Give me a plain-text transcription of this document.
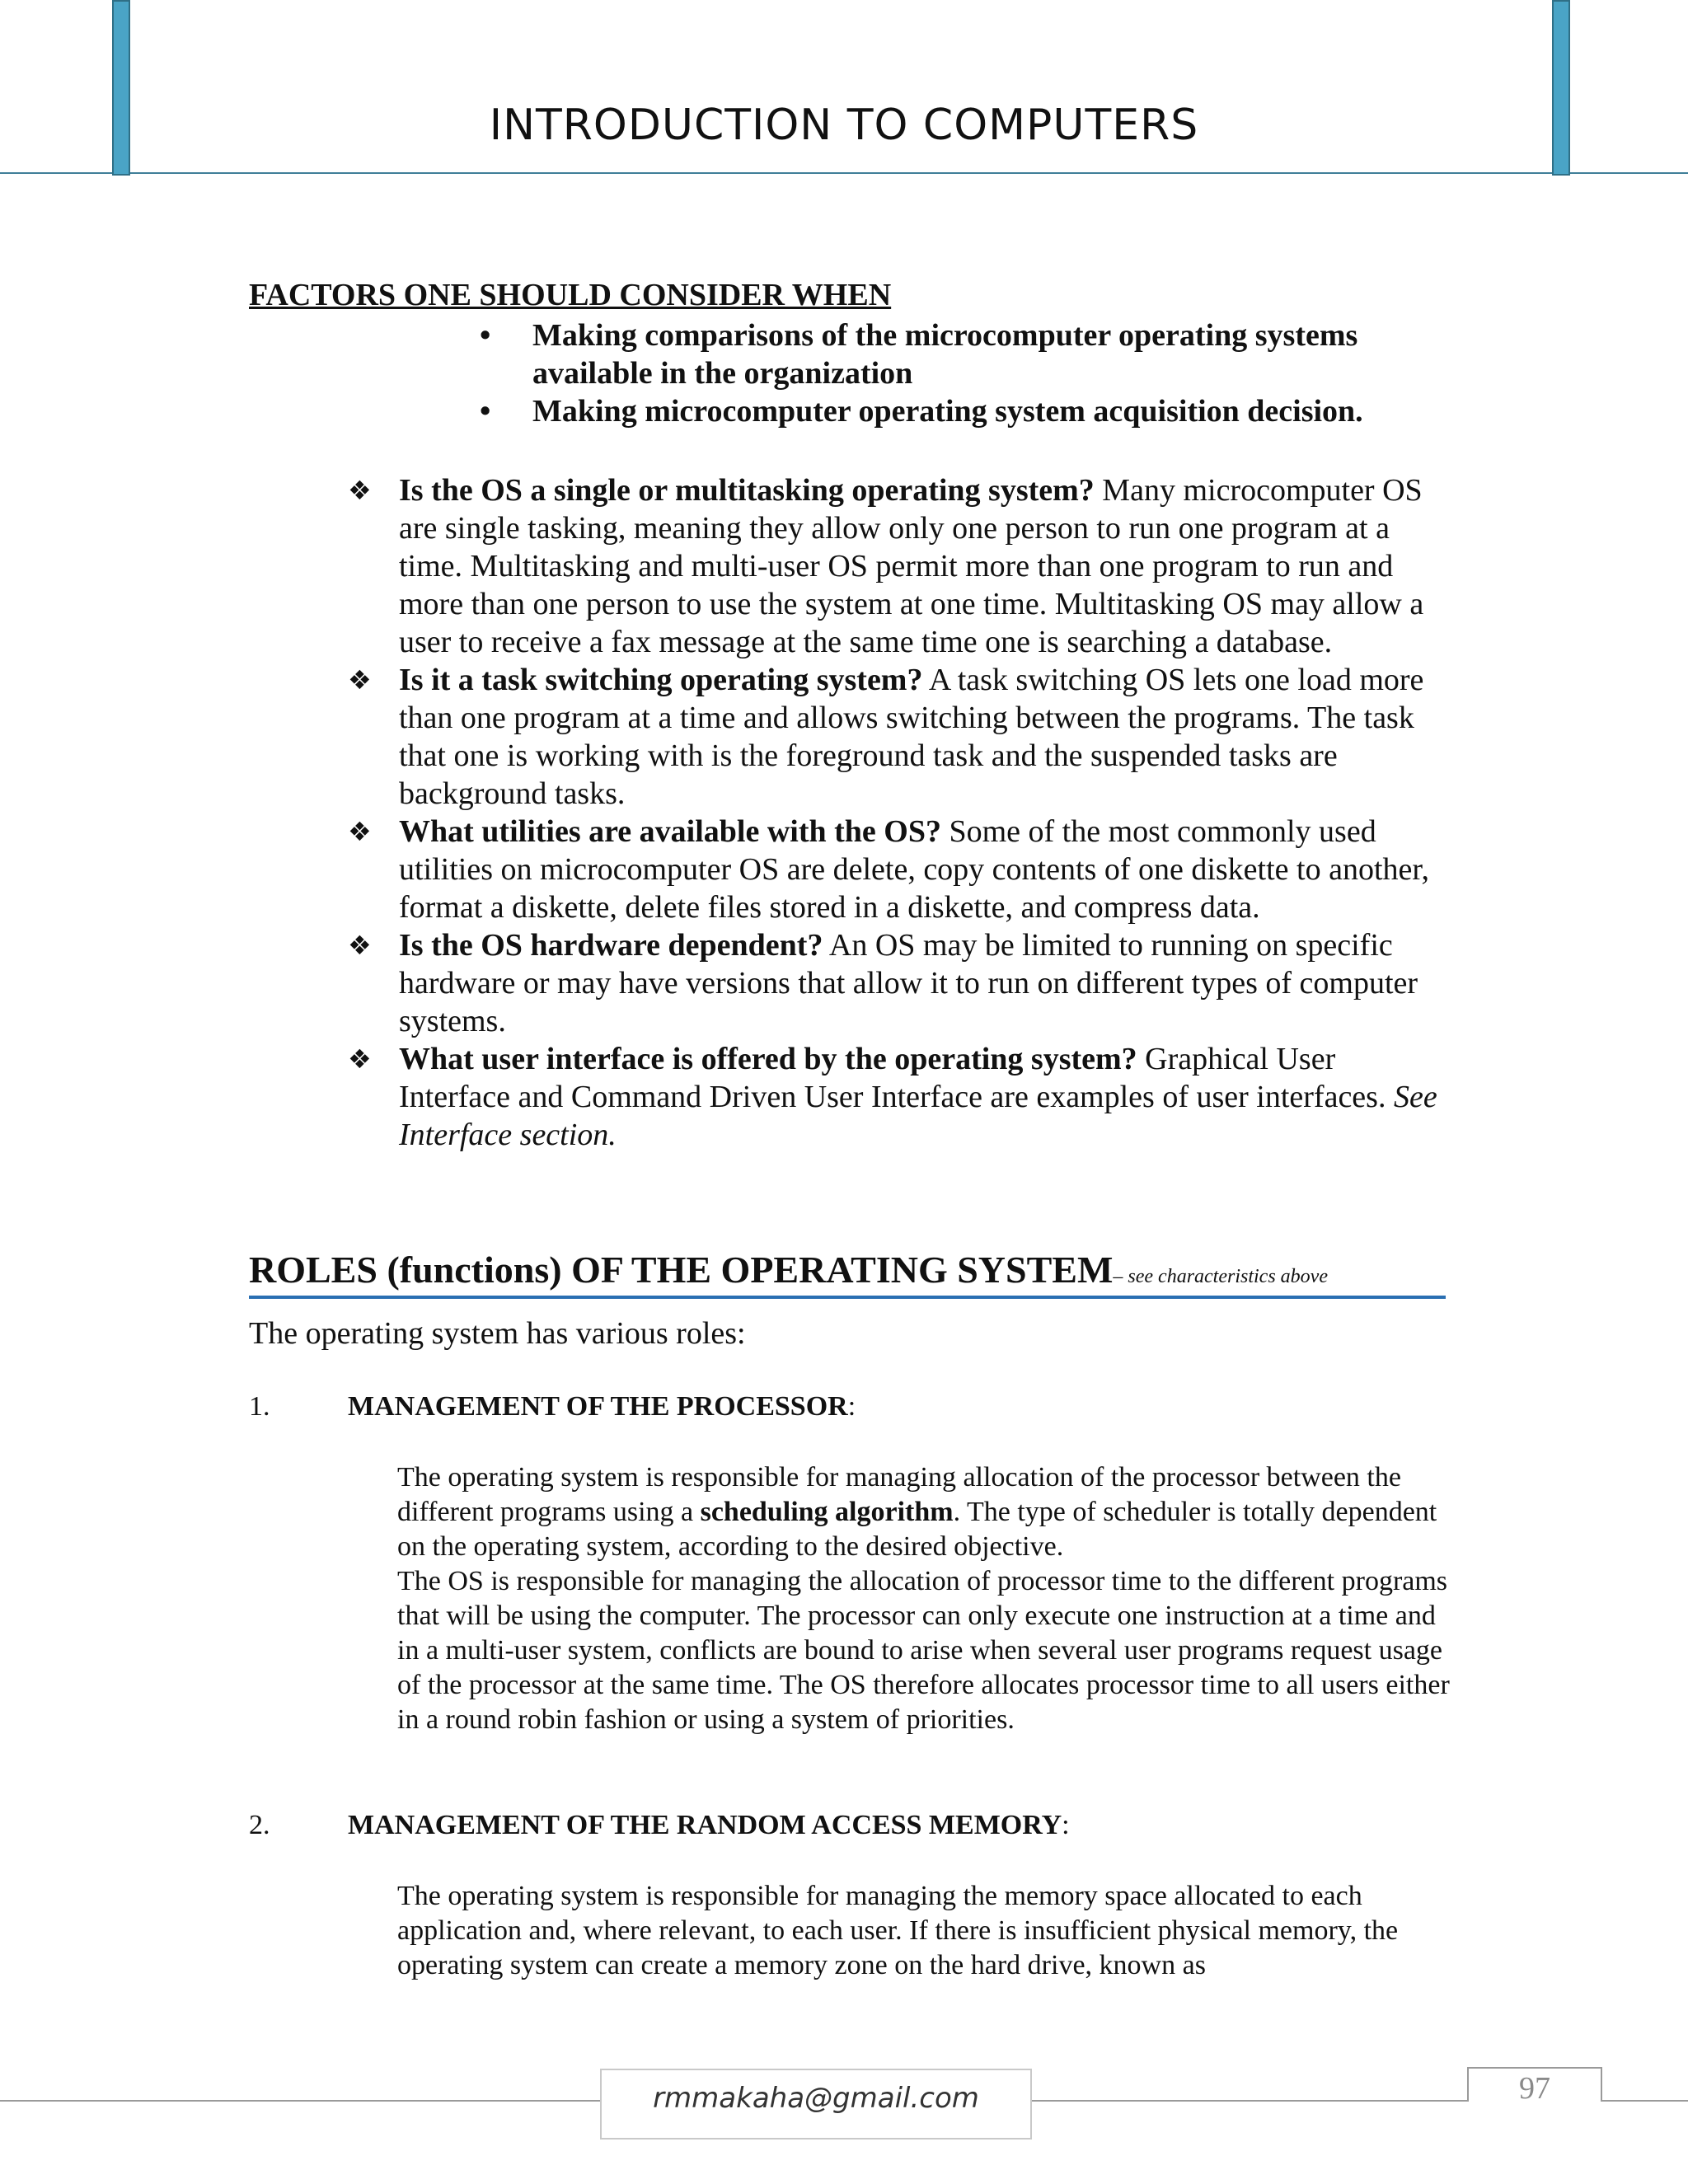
INTRODUCTION TO COMPUTERS
FACTORS ONE SHOULD CONSIDER WHEN
• Making comparisons of the microcomputer operating systems available in the organization
• Making microcomputer operating system acquisition decision.
❖ Is the OS a single or multitasking operating system? Many microcomputer OS are single tasking, meaning they allow only one person to run one program at a time. Multitasking and multi-user OS permit more than one program to run and more than one person to use the system at one time. Multitasking OS may allow a user to receive a fax message at the same time one is searching a database.
❖ Is it a task switching operating system? A task switching OS lets one load more than one program at a time and allows switching between the programs. The task that one is working with is the foreground task and the suspended tasks are background tasks.
❖ What utilities are available with the OS? Some of the most commonly used utilities on microcomputer OS are delete, copy contents of one diskette to another, format a diskette, delete files stored in a diskette, and compress data.
❖ Is the OS hardware dependent? An OS may be limited to running on specific hardware or may have versions that allow it to run on different types of computer systems.
❖ What user interface is offered by the operating system? Graphical User Interface and Command Driven User Interface are examples of user interfaces. See Interface section.
ROLES (functions) OF THE OPERATING SYSTEM– see characteristics above
The operating system has various roles:
1.	MANAGEMENT OF THE PROCESSOR:
The operating system is responsible for managing allocation of the processor between the different programs using a scheduling algorithm. The type of scheduler is totally dependent on the operating system, according to the desired objective.
The OS is responsible for managing the allocation of processor time to the different programs that will be using the computer. The processor can only execute one instruction at a time and in a multi-user system, conflicts are bound to arise when several user programs request usage of the processor at the same time. The OS therefore allocates processor time to all users either in a round robin fashion or using a system of priorities.
2.	MANAGEMENT OF THE RANDOM ACCESS MEMORY:
The operating system is responsible for managing the memory space allocated to each application and, where relevant, to each user. If there is insufficient physical memory, the operating system can create a memory zone on the hard drive, known as
rmmakaha@gmail.com	97
